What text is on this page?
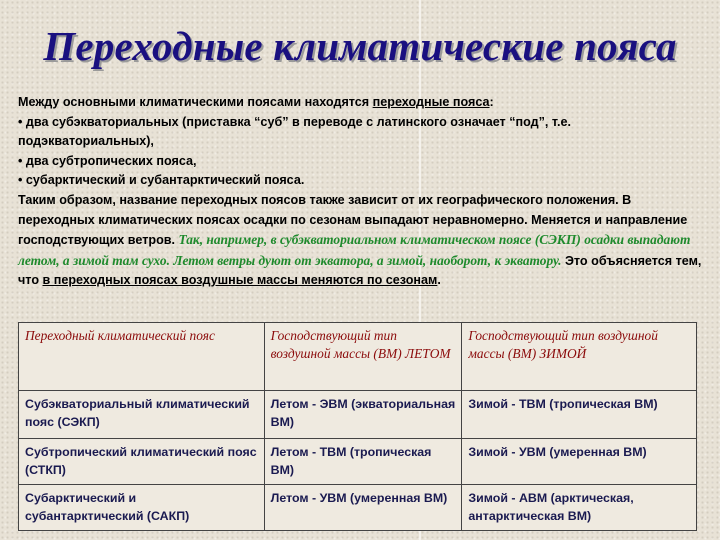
Переходные климатические пояса

Между основными климатическими поясами находятся переходные пояса:

• два субэкваториальных (приставка “суб” в переводе с латинского означает “под”, т.е. подэкваториальных),

• два субтропических пояса,

• субарктический и субантарктический пояса.

Таким образом, название переходных поясов также зависит от их географического положения. В переходных климатических поясах осадки по сезонам выпадают неравномерно. Меняется и направление господствующих ветров. Так, например, в субэкваториальном климатическом поясе (СЭКП) осадки выпадают летом, а зимой там сухо. Летом ветры дуют от экватора, а зимой, наоборот, к экватору. Это объясняется тем, что в переходных поясах воздушные массы меняются по сезонам.

Переходный климатический пояс	Господствующий тип воздушной массы (ВМ) ЛЕТОМ	Господствующий тип воздушной массы (ВМ) ЗИМОЙ
Субэкваториальный климатический пояс (СЭКП)	Летом - ЭВМ (экваториальная ВМ)	Зимой - ТВМ (тропическая ВМ)
Субтропический климатический пояс (СТКП)	Летом - ТВМ (тропическая ВМ)	Зимой - УВМ (умеренная ВМ)
Субарктический и субантарктический (САКП)	Летом - УВМ (умеренная ВМ)	Зимой - АВМ (арктическая, антарктическая ВМ)
